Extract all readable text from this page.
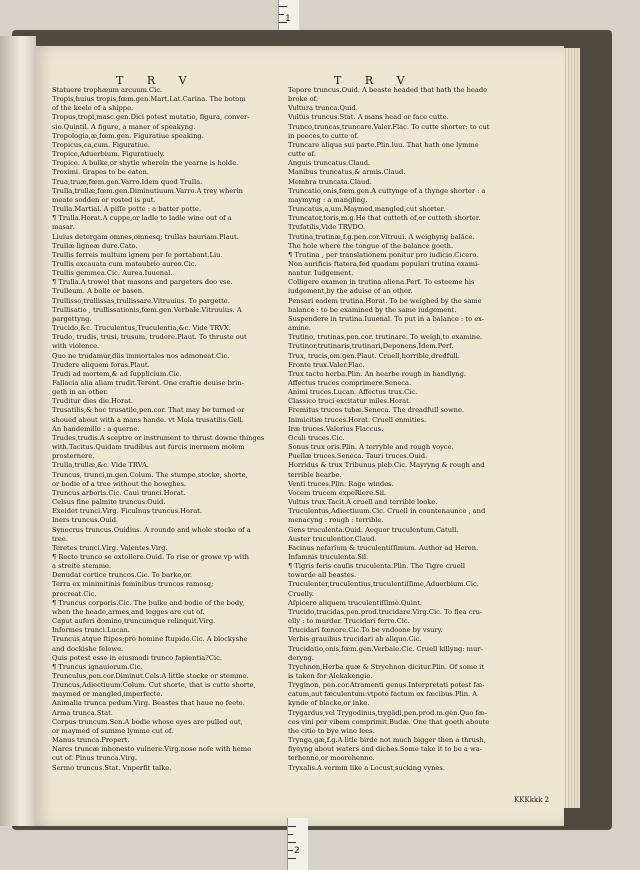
1
T R V	T R V
Statuere trophæum arcuum.Cic.
Tropis,huius tropis,fœm.gen.Mart.Lat.Carina. The botom
of the keele of a shippe.
Tropus,tropi,masc.gen.Dici potest mutatio, figura, conver-
sio.Quintil. A figure, a maner of speakyng.
Tropologia,æ,fœm.gen. Figuratiue speaking.
Tropicus,ca,cum. Figuratiue.
Tropice,Aduerbium. Figuratiuely.
Tropice. A bulke,or shytle wherein the yearne is holde.
Troximi. Grapes to be eaten.
Trua,truæ,fœm.gen.Varro.Idem quod Trulla.
Trulla,trullæ,fœm.gen.Diminutiuum.Varro.A trey wherin
meate sodden or rosted is put.
Trulla.Martial. A piſſe potte : a batter potte.
¶ Trulla.Horat.A cuppe,or ladle to ladle wine out of a
masar.
Liuius detergam omnes,omnesq; trullas hauriam.Plaut.
Trullæ ligneæ dure.Cato.
Trullis ferreis multum ignem per fe portabant.Liu.
Trullis excauata cum mataubrio aureo.Cic.
Trullis gemmea.Cic. Aurea.Iuuenal.
¶ Trulla.A trowel that masons and pargeters doo vse.
Trulleum. A bolle or basen.
Trullisso,trullissas,trullissare.Vitruuius. To pargette.
Trullisatio , trullissationis,fœm.gen.Verbale.Vitruuius. A
pargettyng.
Trucido,&c. Truculentus,Truculentia,&c. Vide TRVX.
Trudo, trudis, trusi, trusum, trudere.Plaut. To thruste out
with violence.
Quo ne trudamur,diis immortales nos admoneat.Cic.
Trudere aliquem foras.Plaut.
Trudi ad mortem,& ad ſupplicium.Cic.
Fallacia alia aliam trudit.Terent. One craftie deuise brin-
geth in an other.
Truditur dies die.Horat.
Trusatilis,& hoc trusatile,pen.cor. That may be turned or
shoued about with a mans hande. vt Mola trusatilis.Gell.
An handemille : a querne.
Trudes,trudis.A sceptre or instrument to thrust downe thinges
with.Tacitus.Quidam trudibus aut furcis inermem molem
prosternere.
Trulla,trullæ,&c. Vide TRVA.
Truncus, trunci,m.gen.Colum. The stumpe,stocke, shorte,
or bodie of a tree without the bowghes.
Truncus arboris.Cic. Caui trunci.Horat.
Celsus fine palmite truncus.Ouid.
Exeidet trunci.Virg. Ficulnus truncus.Horat.
Iners truncus.Ouid.
Synocrus truncus.Ouidius. A rounde and whole stocke of a
tree.
Teretes trunci.Virg. Valentes.Virg.
¶ Recto trunco se extollere.Ouid. To rise or growe vp with
a streite stemme.
Denudat cortice truncos.Cic. To barke,or.
Terra ex minimitinis feminibus truncos ramosq;
procreat.Cic.
¶ Truncus corporis.Cic. The bulke and bodie of the body,
when the heade,armes,and legges are cut of.
Caput auferi domino,truncumque relinquit.Virg.
Informes trunci.Lucan.
Truncus atque ftipes;pro homine ftupido.Cic. A blockyshe
and dockishe felowe.
Quis potest esse in eiusmodi trunco fapientia?Cic.
¶ Truncus ignauiorum.Cic.
Trunculus,pen.cor.Diminut.Cels.A little stocke or stemme.
Truncus,Adiectiuum.Colum. Cut shorte, that is cutte shorte,
maymed or mangled,imperfecte.
Animalia trunca pedum.Virg. Beastes that haue no feete.
Arma trunca.Stat.
Corpus truncum.Sen.A bodie whose eyes are pulled out,
or maymed of summe lymme cut of.
Manus trunca.Propert.
Nares truncæ inhonesto vulnere.Virg.nose noſe with heme
cut of. Pinus trunca.Virg.
Sermo truncus.Stat. Vnperfit talke.
Tepore truncus.Ouid. A beaste headed that hath the heade
broke of.
Vultura trunca.Quid.
Vultus truncus.Stat. A mans head or face cutte.
Trunco,truncas,truncare.Valer.Flac. To cutte shorter: to cut
in peeces,to cutte of.
Truncare aliqua sui parte.Plin.luu. That hath one lymme
cutte of.
Anguis truncatus.Claud.
Manibus truncatus,& armis.Claud.
Membra truncata.Claud.
Truncatio,onis,fœm.gen.A cuttynge of a thynge shorter : a
maymyng : a mangling.
Truncatus,a,um.Maymed,mangled,cut shorter.
Truncator,toris,m.g.He that cutteth of,or cutteth shorter.
Trufatilis,Vide TRVDO.
Trutina,trutinæ,f.g.pen.cor.Vitruui. A weighyng balāce.
The hole where the tongue of the balance goeth.
¶ Trutina , per translationem ponitur pro iudicio.Cicero.
Non aurificis ftatera,fed quadam populari trutina exami-
nantur. Iudgement.
Colligere examen in trutina aliena.Perf. To esteeme his
iudgement,by the aduise of an other.
Pensari eadem trutina.Horat. To be weighed by the same
balance : to be examined by the same iudgement.
Suspendere in trutina.Iuuenal. To put in a balance : to ex-
amine.
Trutino, trutinas,pen.cor. trutinare. To weigh,to examine.
Trutinor,trutinaris,trutinari,Deponens,Idem.Perf.
Trux, trucis,om.gen.Plaut. Cruell,horrible,dredfull.
Fronte trux.Valer.Flac.
Trux tactu herba.Plin. An hearbe rough in handlyng.
Affectus truces comprimere.Seneca.
Animi truces.Lucan. Affectus trux.Cic.
Classico truci excitatur miles.Horat.
Fremitus truces tubæ.Seneca. The dreadfull sowne.
Inimicitiæ truces.Horat. Cruell enmities.
Iræ truces.Valerius Flaccus.
Oculi truces.Cic.
Sonus trux oris.Plin. A terryble and rough voyce.
Puellæ truces.Seneca. Tauri truces.Ouid.
Horridus & trux Tribunus pleb.Cic. Mayryng & rough and
terrible hearbe.
Venti truces.Plin. Rage windes.
Vocem trucem expeRiere.Sil.
Vultus trux.Tacit.A cruell and terrible looke.
Truculentus,Adiectiuum.Cic. Cruell in countenaunce , and
menacyng : rough : terrible.
Gens truculenta.Ouid. Aequor truculentum.Catull.
Auster truculentior.Claud.
Facinus nefarium & truculentiſſimum. Author ad Heren.
Infamnis truculenta.Sil.
¶ Tigris feris cauſis truculenta.Plin. The Tigre cruell
towarde all beastes.
Truculenter,truculentius,truculentiſſime,Aduerbium.Cic.
Cruelly.
Aſpicere aliquem truculentiſſimè.Quint.
Trucido,trucidas,pen.prod.trucidare.Virg.Cic. To flea cru-
elly : to murder. Trucidari ferro.Cic.
Trucidari fœnore.Cic.To be vndoone by vsury.
Verbis grauibus trucidari ab aliquo.Cic.
Trucidatio,onis,fœm.gen.Verbale.Cic. Cruell killyng: mur-
deryng.
Trychnon,Herba quæ & Stryehnon dicitur.Plin. Of some it
is taken for Alekakengie.
Tryginon, pen.cor.Atramenti genus.Interpretati potest fæ-
catum,aut fæculentum:vtpote factum ex fæcibus.Plin. A
kynde of blacke,or inke.
Trygardus,vel Trygodinus,trygädi,pen.prod.m.gen.Quo fæ-
ces vini per vibem comprimit.Budæ. One that goeth aboute
the citie to bye wine lees.
Trynga,gæ,f.g.A litle birde not much bigger then a thrush,
fiyeyng about waters and diches.Some take it to be a wa-
terhenne,or moorehenne.
Tryxalis.A vermin like a Locust,sucking vynes.
KKKkkk 2
2
